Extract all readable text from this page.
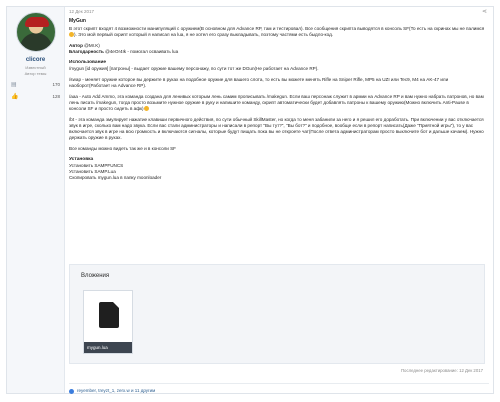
clicore
Известный
Автор темы
▤	170
👍	128
12 Дек 2017	⋖

MyGun

В этот скрипт входят 4 возможности манипуляций с оружием(В основном для Advance RP, там и тестировал). Все сообщения скрипта выводятся в консоль SF(То есть на скринах мы не палимся). Это мой первый скрипт который я написал на lua, я не хотел его сразу выкладывать, поэтому частями есть быдло-код.

Автор @Mr.K)
Благодарность @4eOr4Ik - помогал осваивать lua

Использование
/mygun [id оружия] [патроны] - выдает оружие вашему персонажу, по сути тот же DGun(Не работает на Advance RP).

/swap - меняет оружие которое вы держите в руках на подобное оружие для вашего слота, то есть вы можете менять Rifle на Sniper Rifle, MP5 на UZI или Tec9, M4 на AK-47 или наоборот(Работает на Advance RP).

/aaa - Auto Add Ammo, эта команда создана для ленивых которым лень самим прописывать /makegun. Если ваш персонаж служит в армии на Advance RP и вам нужно набрать патронов, но вам лень писать /makegun, тогда просто возьмите нужное оружие в руку и напишите команду, скрипт автоматически будет добавлять патроны к вашему оружию(Можно включить Anti-Pause в консоли SF и просто сидеть в афк)

/bt - эта команда эмулирует нажатие клавиши первичного действия, по сути обычный SkillMaster, но когда то меня забанили за него и я решил его доработать. При включении у вас отключается звук в игре, сколько вам надо звука. Если вас стали администраторы и написали в репорт "Вы тут?", "Вы бот?" и подобное, вообще если в репорт написать(Даже "Приятной игры"), то у вас включается звук в игре на всю громкость и включаются сигналы, которые будут пищать пока вы не откроете чат(После ответа администраторам просто выключите бот и дальше качаем). Нужно держать оружие в руках.

Все команды можно видеть так же и в консоли SF

Установка
Установить SAMPFUNCS
Установить SAMP.Lua
Скопировать mygun.lua в папку moonloader

Вложения
mygun.lua
Последнее редактирование: 12 Дек 2017
reyember, treyzt_1, zerx.w и 11 другим
